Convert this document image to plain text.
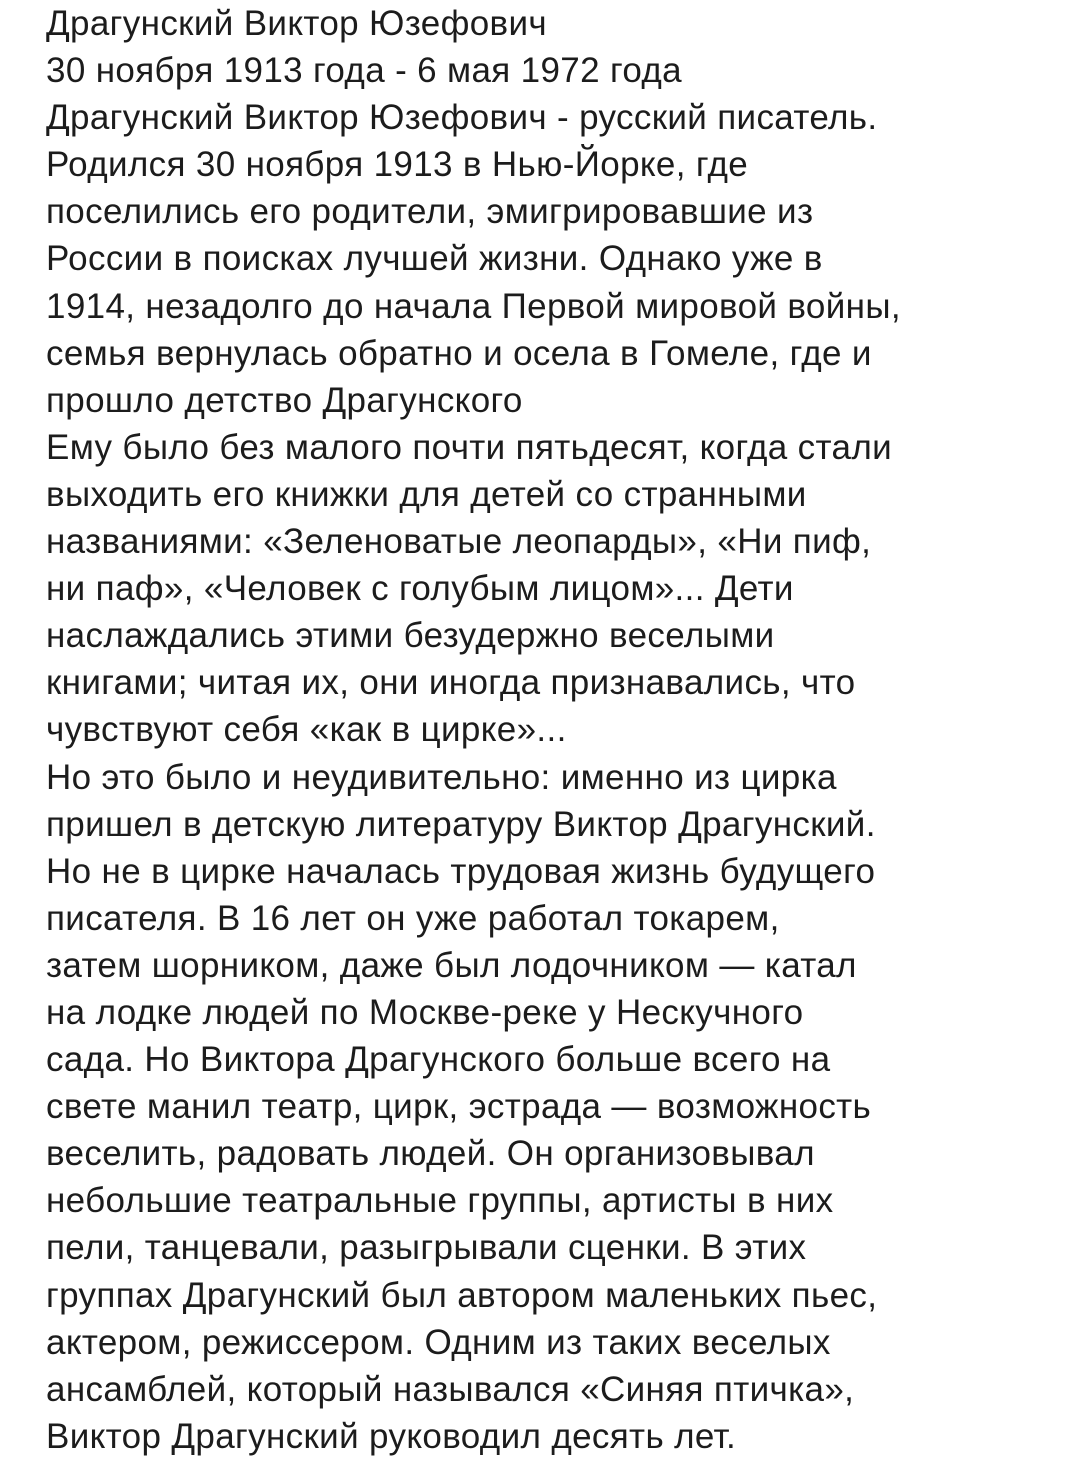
Драгунский Виктор Юзефович
30 ноября 1913 года - 6 мая 1972 года
Драгунский Виктор Юзефович - русский писатель.
Родился 30 ноября 1913 в Нью-Йорке, где
поселились его родители, эмигрировавшие из
России в поисках лучшей жизни. Однако уже в
1914, незадолго до начала Первой мировой войны,
семья вернулась обратно и осела в Гомеле, где и
прошло детство Драгунского
Ему было без малого почти пятьдесят, когда стали
выходить его книжки для детей со странными
названиями: «Зеленоватые леопарды», «Ни пиф,
ни паф», «Человек с голубым лицом»... Дети
наслаждались этими безудержно веселыми
книгами; читая их, они иногда признавались, что
чувствуют себя «как в цирке»...
Но это было и неудивительно: именно из цирка
пришел в детскую литературу Виктор Драгунский.
Но не в цирке началась трудовая жизнь будущего
писателя. В 16 лет он уже работал токарем,
затем шорником, даже был лодочником — катал
на лодке людей по Москве-реке у Нескучного
сада. Но Виктора Драгунского больше всего на
свете манил театр, цирк, эстрада — возможность
веселить, радовать людей. Он организовывал
небольшие театральные группы, артисты в них
пели, танцевали, разыгрывали сценки. В этих
группах Драгунский был автором маленьких пьес,
актером, режиссером. Одним из таких веселых
ансамблей, который назывался «Синяя птичка»,
Виктор Драгунский руководил десять лет.
